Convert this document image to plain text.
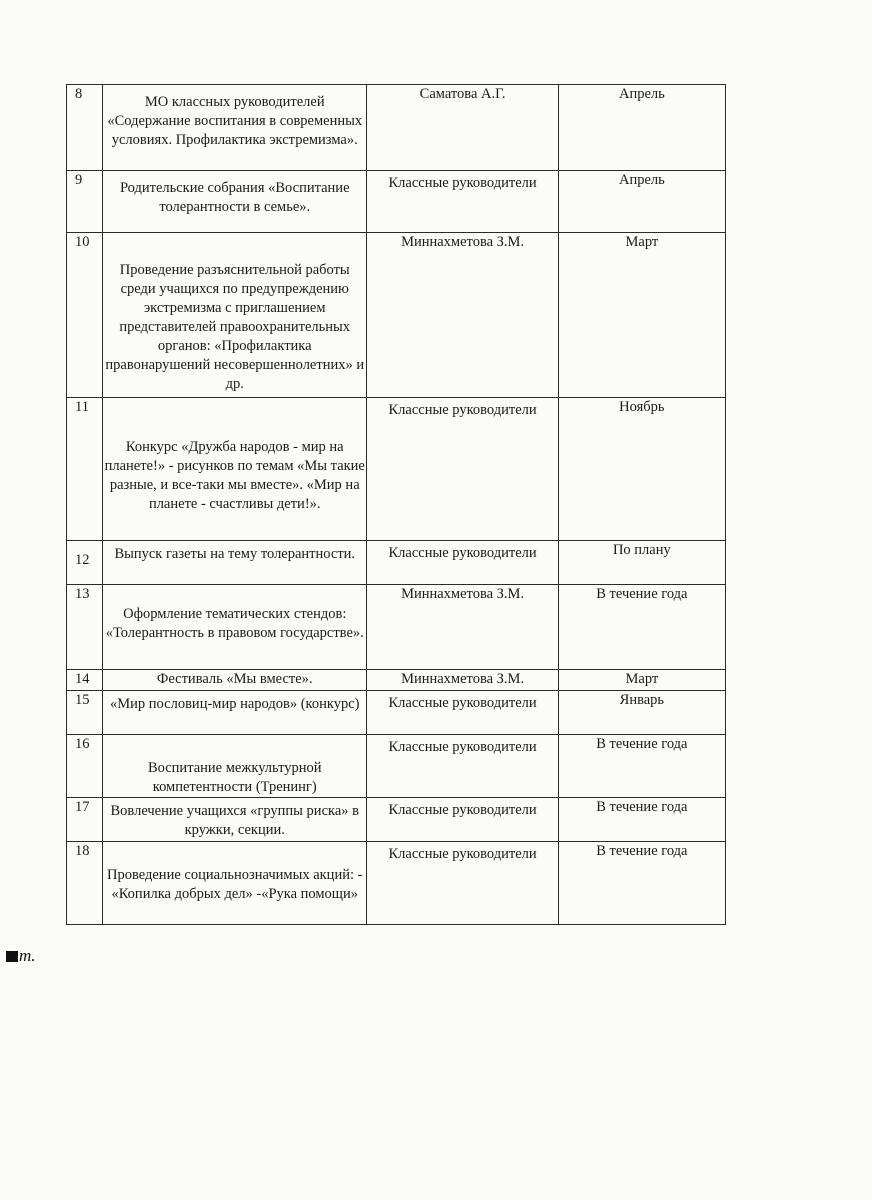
8	МО классных руководителей «Содержание воспитания в современных условиях. Профилактика экстремизма».	Саматова А.Г.	Апрель

9	Родительские собрания «Воспитание толерантности в семье».	Классные руководители	Апрель

10	Проведение разъяснительной работы среди учащихся по предупреждению экстремизма с приглашением представителей правоохранительных органов: «Профилактика правонарушений несовершеннолетних» и др.	Миннахметова З.М.	Март

11	Конкурс «Дружба народов - мир на планете!» - рисунков по темам «Мы такие разные, и все-таки мы вместе». «Мир на планете - счастливы дети!».	Классные руководители	Ноябрь

12	Выпуск газеты на тему толерантности.	Классные руководители	По плану

13	Оформление тематических стендов: «Толерантность в правовом государстве».	Миннахметова З.М.	В течение года

14	Фестиваль «Мы вместе».	Миннахметова З.М.	Март

15	«Мир пословиц-мир народов» (конкурс)	Классные руководители	Январь

16	Воспитание межкультурной компетентности (Тренинг)	Классные руководители	В течение года

17	Вовлечение учащихся «группы риска» в кружки, секции.	Классные руководители	В течение года

18	Проведение социальнозначимых акций: - «Копилка добрых дел» -«Рука помощи»	Классные руководители	В течение года
m.
